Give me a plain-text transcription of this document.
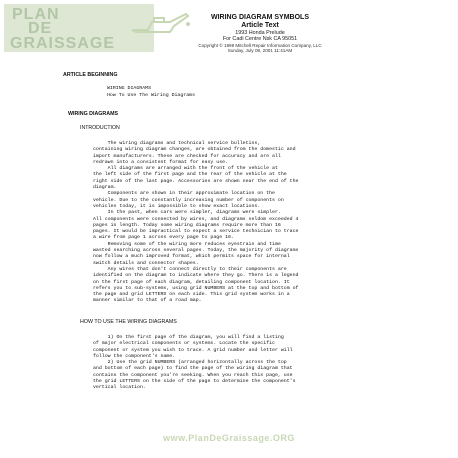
PLAN
DE
GRAISSAGE
WIRING DIAGRAM SYMBOLS
Article Text
1993 Honda Prelude
For Cadi Centre Nsk CA 95051
Copyright © 1998 Mitchell Repair Information Company, LLC
Sunday, July 08, 2001 11:41AM
ARTICLE BEGINNING
WIRING DIAGRAMS
How To Use The Wiring Diagrams
WIRING DIAGRAMS
INTRODUCTION
The wiring diagrams and technical service bulletins,
containing wiring diagram changes, are obtained from the domestic and
import manufacturers. These are checked for accuracy and are all
redrawn into a consistent format for easy use.
All diagrams are arranged with the front of the vehicle at
the left side of the first page and the rear of the vehicle at the
right side of the last page. Accessories are shown near the end of the
diagram.
Components are shown in their approximate location on the
vehicle. Due to the constantly increasing number of components on
vehicles today, it is impossible to show exact locations.
In the past, when cars were simpler, diagrams were simpler.
All components were connected by wires, and diagrams seldom exceeded 4
pages in length. Today some wiring diagrams require more than 16
pages. It would be impractical to expect a service technician to trace
a wire from page 1 across every page to page 16.
Removing some of the wiring more reduces eyestrain and time
wasted searching across several pages. Today, the majority of diagrams
now follow a much improved format, which permits space for internal
switch details and connector shapes.
Any wires that don't connect directly to their components are
identified on the diagram to indicate where they go. There is a legend
on the first page of each diagram, detailing component location. It
refers you to sub-systems, using grid NUMBERS at the top and bottom of
the page and grid LETTERS on each side. This grid system works in a
manner similar to that of a road map.
HOW TO USE THE WIRING DIAGRAMS
1) On the first page of the diagram, you will find a listing
of major electrical components or systems. Locate the specific
component or system you wish to trace. A grid number and letter will
follow the component's name.
2) Use the grid NUMBERS (arranged horizontally across the top
and bottom of each page) to find the page of the wiring diagram that
contains the component you're seeking. When you reach this page, use
the grid LETTERS on the side of the page to determine the component's
vertical location.
www.PlanDeGraissage.ORG
